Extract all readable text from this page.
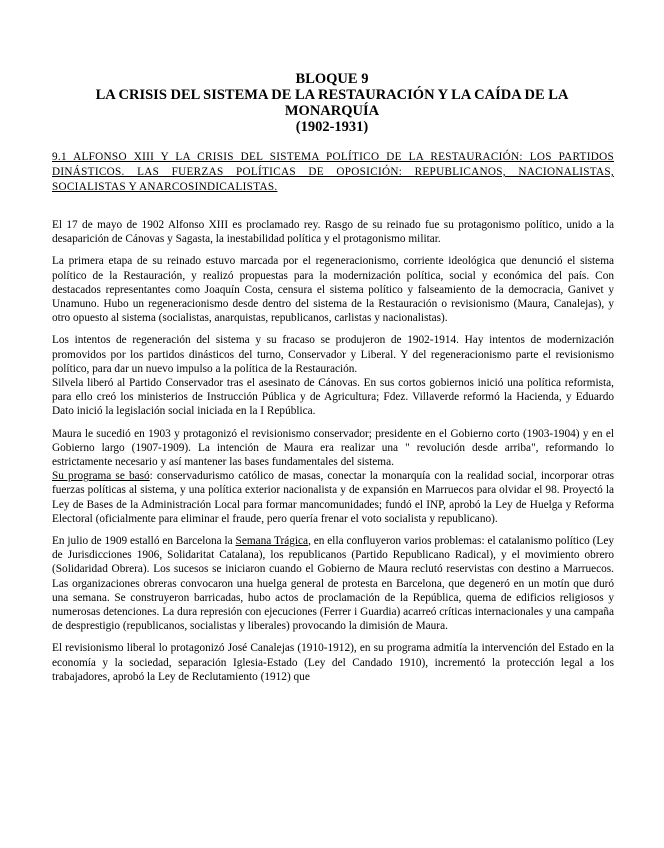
BLOQUE 9
LA CRISIS DEL SISTEMA DE LA RESTAURACIÓN Y LA CAÍDA DE LA
MONARQUÍA
(1902-1931)
9.1 ALFONSO XIII Y LA CRISIS DEL SISTEMA POLÍTICO DE LA RESTAURACIÓN: LOS PARTIDOS DINÁSTICOS. LAS FUERZAS POLÍTICAS DE OPOSICIÓN: REPUBLICANOS, NACIONALISTAS, SOCIALISTAS Y ANARCOSINDICALISTAS.

El 17 de mayo de 1902 Alfonso XIII es proclamado rey. Rasgo de su reinado fue su protagonismo político, unido a la desaparición de Cánovas y Sagasta, la inestabilidad política y el protagonismo militar.

La primera etapa de su reinado estuvo marcada por el regeneracionismo, corriente ideológica que denunció el sistema político de la Restauración, y realizó propuestas para la modernización política, social y económica del país. Con destacados representantes como Joaquín Costa, censura el sistema político y falseamiento de la democracia, Ganivet y Unamuno. Hubo un regeneracionismo desde dentro del sistema de la Restauración o revisionismo (Maura, Canalejas), y otro opuesto al sistema (socialistas, anarquistas, republicanos, carlistas y nacionalistas).

Los intentos de regeneración del sistema y su fracaso se produjeron de 1902-1914. Hay intentos de modernización promovidos por los partidos dinásticos del turno, Conservador y Liberal. Y del regeneracionismo parte el revisionismo político, para dar un nuevo impulso a la política de la Restauración.

Silvela liberó al Partido Conservador tras el asesinato de Cánovas. En sus cortos gobiernos inició una política reformista, para ello creó los ministerios de Instrucción Pública y de Agricultura; Fdez. Villaverde reformó la Hacienda, y Eduardo Dato inició la legislación social iniciada en la I República.

Maura le sucedió en 1903 y protagonizó el revisionismo conservador; presidente en el Gobierno corto (1903-1904) y en el Gobierno largo (1907-1909). La intención de Maura era realizar una " revolución desde arriba", reformando lo estrictamente necesario y así mantener las bases fundamentales del sistema.

Su programa se basó: conservadurismo católico de masas, conectar la monarquía con la realidad social, incorporar otras fuerzas políticas al sistema, y una política exterior nacionalista y de expansión en Marruecos para olvidar el 98. Proyectó la Ley de Bases de la Administración Local para formar mancomunidades; fundó el INP, aprobó la Ley de Huelga y Reforma Electoral (oficialmente para eliminar el fraude, pero quería frenar el voto socialista y republicano).

En julio de 1909 estalló en Barcelona la Semana Trágica, en ella confluyeron varios problemas: el catalanismo político (Ley de Jurisdicciones 1906, Solidaritat Catalana), los republicanos (Partido Republicano Radical), y el movimiento obrero (Solidaridad Obrera). Los sucesos se iniciaron cuando el Gobierno de Maura reclutó reservistas con destino a Marruecos. Las organizaciones obreras convocaron una huelga general de protesta en Barcelona, que degeneró en un motín que duró una semana. Se construyeron barricadas, hubo actos de proclamación de la República, quema de edificios religiosos y numerosas detenciones. La dura represión con ejecuciones (Ferrer i Guardia) acarreó críticas internacionales y una campaña de desprestigio (republicanos, socialistas y liberales) provocando la dimisión de Maura.

El revisionismo liberal lo protagonizó José Canalejas (1910-1912), en su programa admitía la intervención del Estado en la economía y la sociedad, separación Iglesia-Estado (Ley del Candado 1910), incrementó la protección legal a los trabajadores, aprobó la Ley de Reclutamiento (1912) que
